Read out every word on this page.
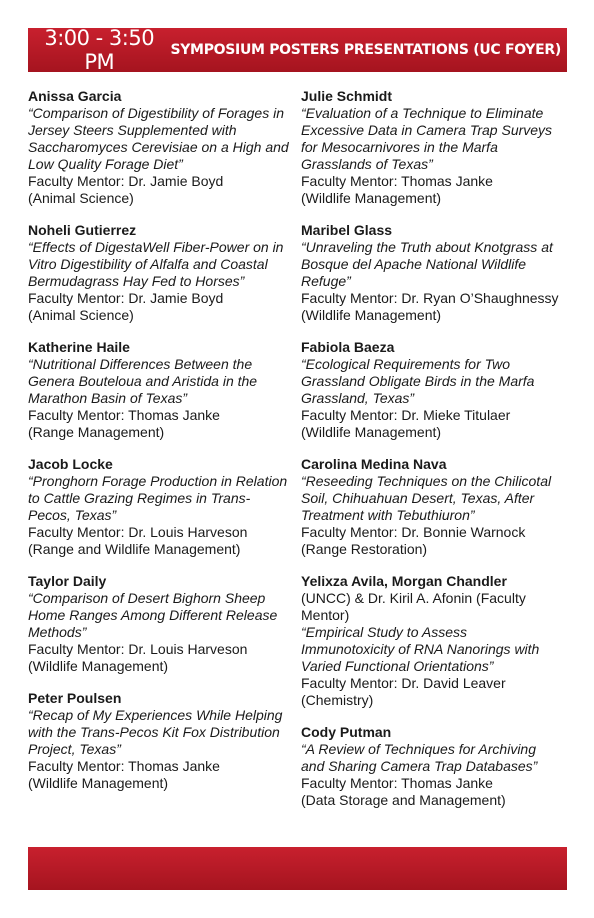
3:00 - 3:50 PM	SYMPOSIUM POSTERS PRESENTATIONS (UC FOYER)
Anissa Garcia
“Comparison of Digestibility of Forages in Jersey Steers Supplemented with Saccharomyces Cerevisiae on a High and Low Quality Forage Diet”
Faculty Mentor: Dr. Jamie Boyd
(Animal Science)
Noheli Gutierrez
“Effects of DigestaWell Fiber-Power on in Vitro Digestibility of Alfalfa and Coastal Bermudagrass Hay Fed to Horses”
Faculty Mentor: Dr. Jamie Boyd
(Animal Science)
Katherine Haile
“Nutritional Differences Between the Genera Bouteloua and Aristida in the Marathon Basin of Texas”
Faculty Mentor: Thomas Janke
(Range Management)
Jacob Locke
“Pronghorn Forage Production in Relation to Cattle Grazing Regimes in Trans-Pecos, Texas”
Faculty Mentor: Dr. Louis Harveson
(Range and Wildlife Management)
Taylor Daily
“Comparison of Desert Bighorn Sheep Home Ranges Among Different Release Methods”
Faculty Mentor: Dr. Louis Harveson
(Wildlife Management)
Peter Poulsen
“Recap of My Experiences While Helping with the Trans-Pecos Kit Fox Distribution Project, Texas”
Faculty Mentor: Thomas Janke
(Wildlife Management)
Julie Schmidt
“Evaluation of a Technique to Eliminate Excessive Data in Camera Trap Surveys for Mesocarnivores in the Marfa Grasslands of Texas”
Faculty Mentor: Thomas Janke
(Wildlife Management)
Maribel Glass
“Unraveling the Truth about Knotgrass at Bosque del Apache National Wildlife Refuge”
Faculty Mentor: Dr. Ryan O’Shaughnessy
(Wildlife Management)
Fabiola Baeza
“Ecological Requirements for Two Grassland Obligate Birds in the Marfa Grassland, Texas”
Faculty Mentor: Dr. Mieke Titulaer
(Wildlife Management)
Carolina Medina Nava
“Reseeding Techniques on the Chilicotal Soil, Chihuahuan Desert, Texas, After Treatment with Tebuthiuron”
Faculty Mentor: Dr. Bonnie Warnock
(Range Restoration)
Yelixza Avila, Morgan Chandler
(UNCC) & Dr. Kiril A. Afonin (Faculty Mentor)
“Empirical Study to Assess Immunotoxicity of RNA Nanorings with Varied Functional Orientations”
Faculty Mentor: Dr. David Leaver
(Chemistry)
Cody Putman
“A Review of Techniques for Archiving and Sharing Camera Trap Databases”
Faculty Mentor: Thomas Janke
(Data Storage and Management)
